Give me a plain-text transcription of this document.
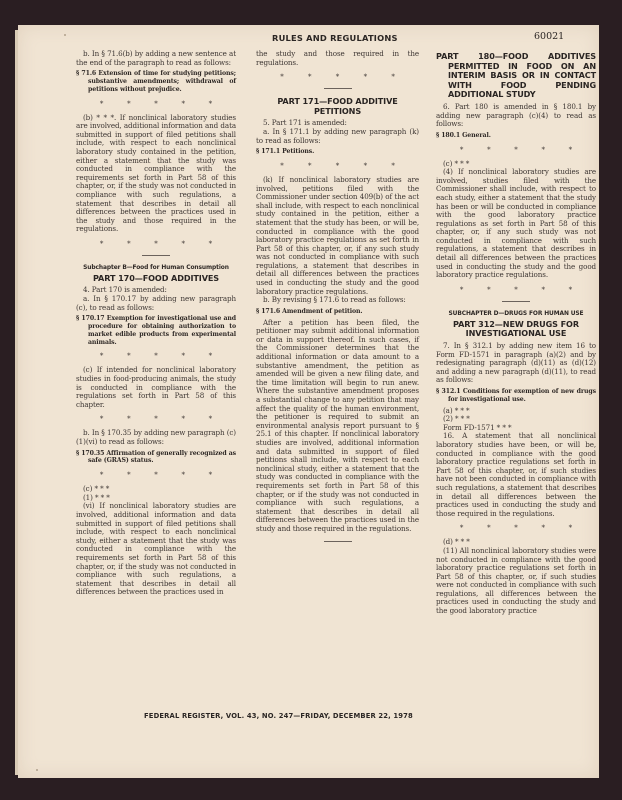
RULES AND REGULATIONS	60021

b. In § 71.6(b) by adding a new sentence at the end of the paragraph to read as follows:

§ 71.6 Extension of time for studying petitions; substantive amendments; withdrawal of petitions without prejudice.
*	*	*	*	*

(b) * * *. If nonclinical laboratory studies are involved, additional information and data submitted in support of filed petitions shall include, with respect to each nonclinical laboratory study contained in the petition, either a statement that the study was conducted in compliance with the requirements set forth in Part 58 of this chapter, or, if the study was not conducted in compliance with such regulations, a statement that describes in detail all differences between the practices used in the study and those required in the regulations.

*	*	*	*	*
Subchapter B—Food for Human Consumption
PART 170—FOOD ADDITIVES

4. Part 170 is amended:

a. In § 170.17 by adding new paragraph (c), to read as follows:

§ 170.17 Exemption for investigational use and procedure for obtaining authorization to market edible products from experimental animals.
*	*	*	*	*

(c) If intended for nonclinical laboratory studies in food-producing animals, the study is conducted in compliance with the regulations set forth in Part 58 of this chapter.

*	*	*	*	*

b. In § 170.35 by adding new paragraph (c)(1)(vi) to read as follows:

§ 170.35 Affirmation of generally recognized as safe (GRAS) status.
*	*	*	*	*

(c) * * *

(1) * * *

(vi) If nonclinical laboratory studies are involved, additional information and data submitted in support of filed petitions shall include, with respect to each nonclinical study, either a statement that the study was conducted in compliance with the requirements set forth in Part 58 of this chapter, or, if the study was not conducted in compliance with such regulations, a statement that describes in detail all differences between the practices used in

the study and those required in the regulations.

*	*	*	*	*
PART 171—FOOD ADDITIVE PETITIONS

5. Part 171 is amended:

a. In § 171.1 by adding new paragraph (k) to read as follows:

§ 171.1 Petitions.
*	*	*	*	*

(k) If nonclinical laboratory studies are involved, petitions filed with the Commissioner under section 409(b) of the act shall include, with respect to each nonclinical study contained in the petition, either a statement that the study has been, or will be, conducted in compliance with the good laboratory practice regulations as set forth in Part 58 of this chapter, or, if any such study was not conducted in compliance with such regulations, a statement that describes in detail all differences between the practices used in conducting the study and the good laboratory practice regulations.

b. By revising § 171.6 to read as follows:

§ 171.6 Amendment of petition.

After a petition has been filed, the petitioner may submit additional information or data in support thereof. In such cases, if the Commissioner determines that the additional information or data amount to a substantive amendment, the petition as amended will be given a new filing date, and the time limitation will begin to run anew. Where the substantive amendment proposes a substantial change to any petition that may affect the quality of the human environment, the petitioner is required to submit an environmental analysis report pursuant to § 25.1 of this chapter. If nonclinical laboratory studies are involved, additional information and data submitted in support of filed petitions shall include, with respect to each nonclinical study, either a statement that the study was conducted in compliance with the requirements set forth in Part 58 of this chapter, or if the study was not conducted in compliance with such regulations, a statement that describes in detail all differences between the practices used in the study and those required in the regulations.

PART 180—FOOD ADDITIVES PERMITTED IN FOOD ON AN INTERIM BASIS OR IN CONTACT WITH FOOD PENDING ADDITIONAL STUDY

6. Part 180 is amended in § 180.1 by adding new paragraph (c)(4) to read as follows:

§ 180.1 General.
*	*	*	*	*

(c) * * *

(4) If nonclinical laboratory studies are involved, studies filed with the Commissioner shall include, with respect to each study, either a statement that the study has been or will be conducted in compliance with the good laboratory practice regulations as set forth in Part 58 of this chapter, or, if any such study was not conducted in compliance with such regulations, a statement that describes in detail all differences between the practices used in conducting the study and the good laboratory practice regulations.

*	*	*	*	*
SUBCHAPTER D—DRUGS FOR HUMAN USE
PART 312—NEW DRUGS FOR INVESTIGATIONAL USE

7. In § 312.1 by adding new item 16 to Form FD-1571 in paragraph (a)(2) and by redesignating paragraph (d)(11) as (d)(12) and adding a new paragraph (d)(11), to read as follows:

§ 312.1 Conditions for exemption of new drugs for investigational use.

(a) * * *

(2) * * *

Form FD-1571 * * *

16. A statement that all nonclinical laboratory studies have been, or will be, conducted in compliance with the good laboratory practice regulations set forth in Part 58 of this chapter, or, if such studies have not been conducted in compliance with such regulations, a statement that describes in detail all differences between the practices used in conducting the study and those required in the regulations.

*	*	*	*	*

(d) * * *

(11) All nonclinical laboratory studies were not conducted in compliance with the good laboratory practice regulations set forth in Part 58 of this chapter, or, if such studies were not conducted in compliance with such regulations, all differences between the practices used in conducting the study and the good laboratory practice

FEDERAL REGISTER, VOL. 43, NO. 247—FRIDAY, DECEMBER 22, 1978
